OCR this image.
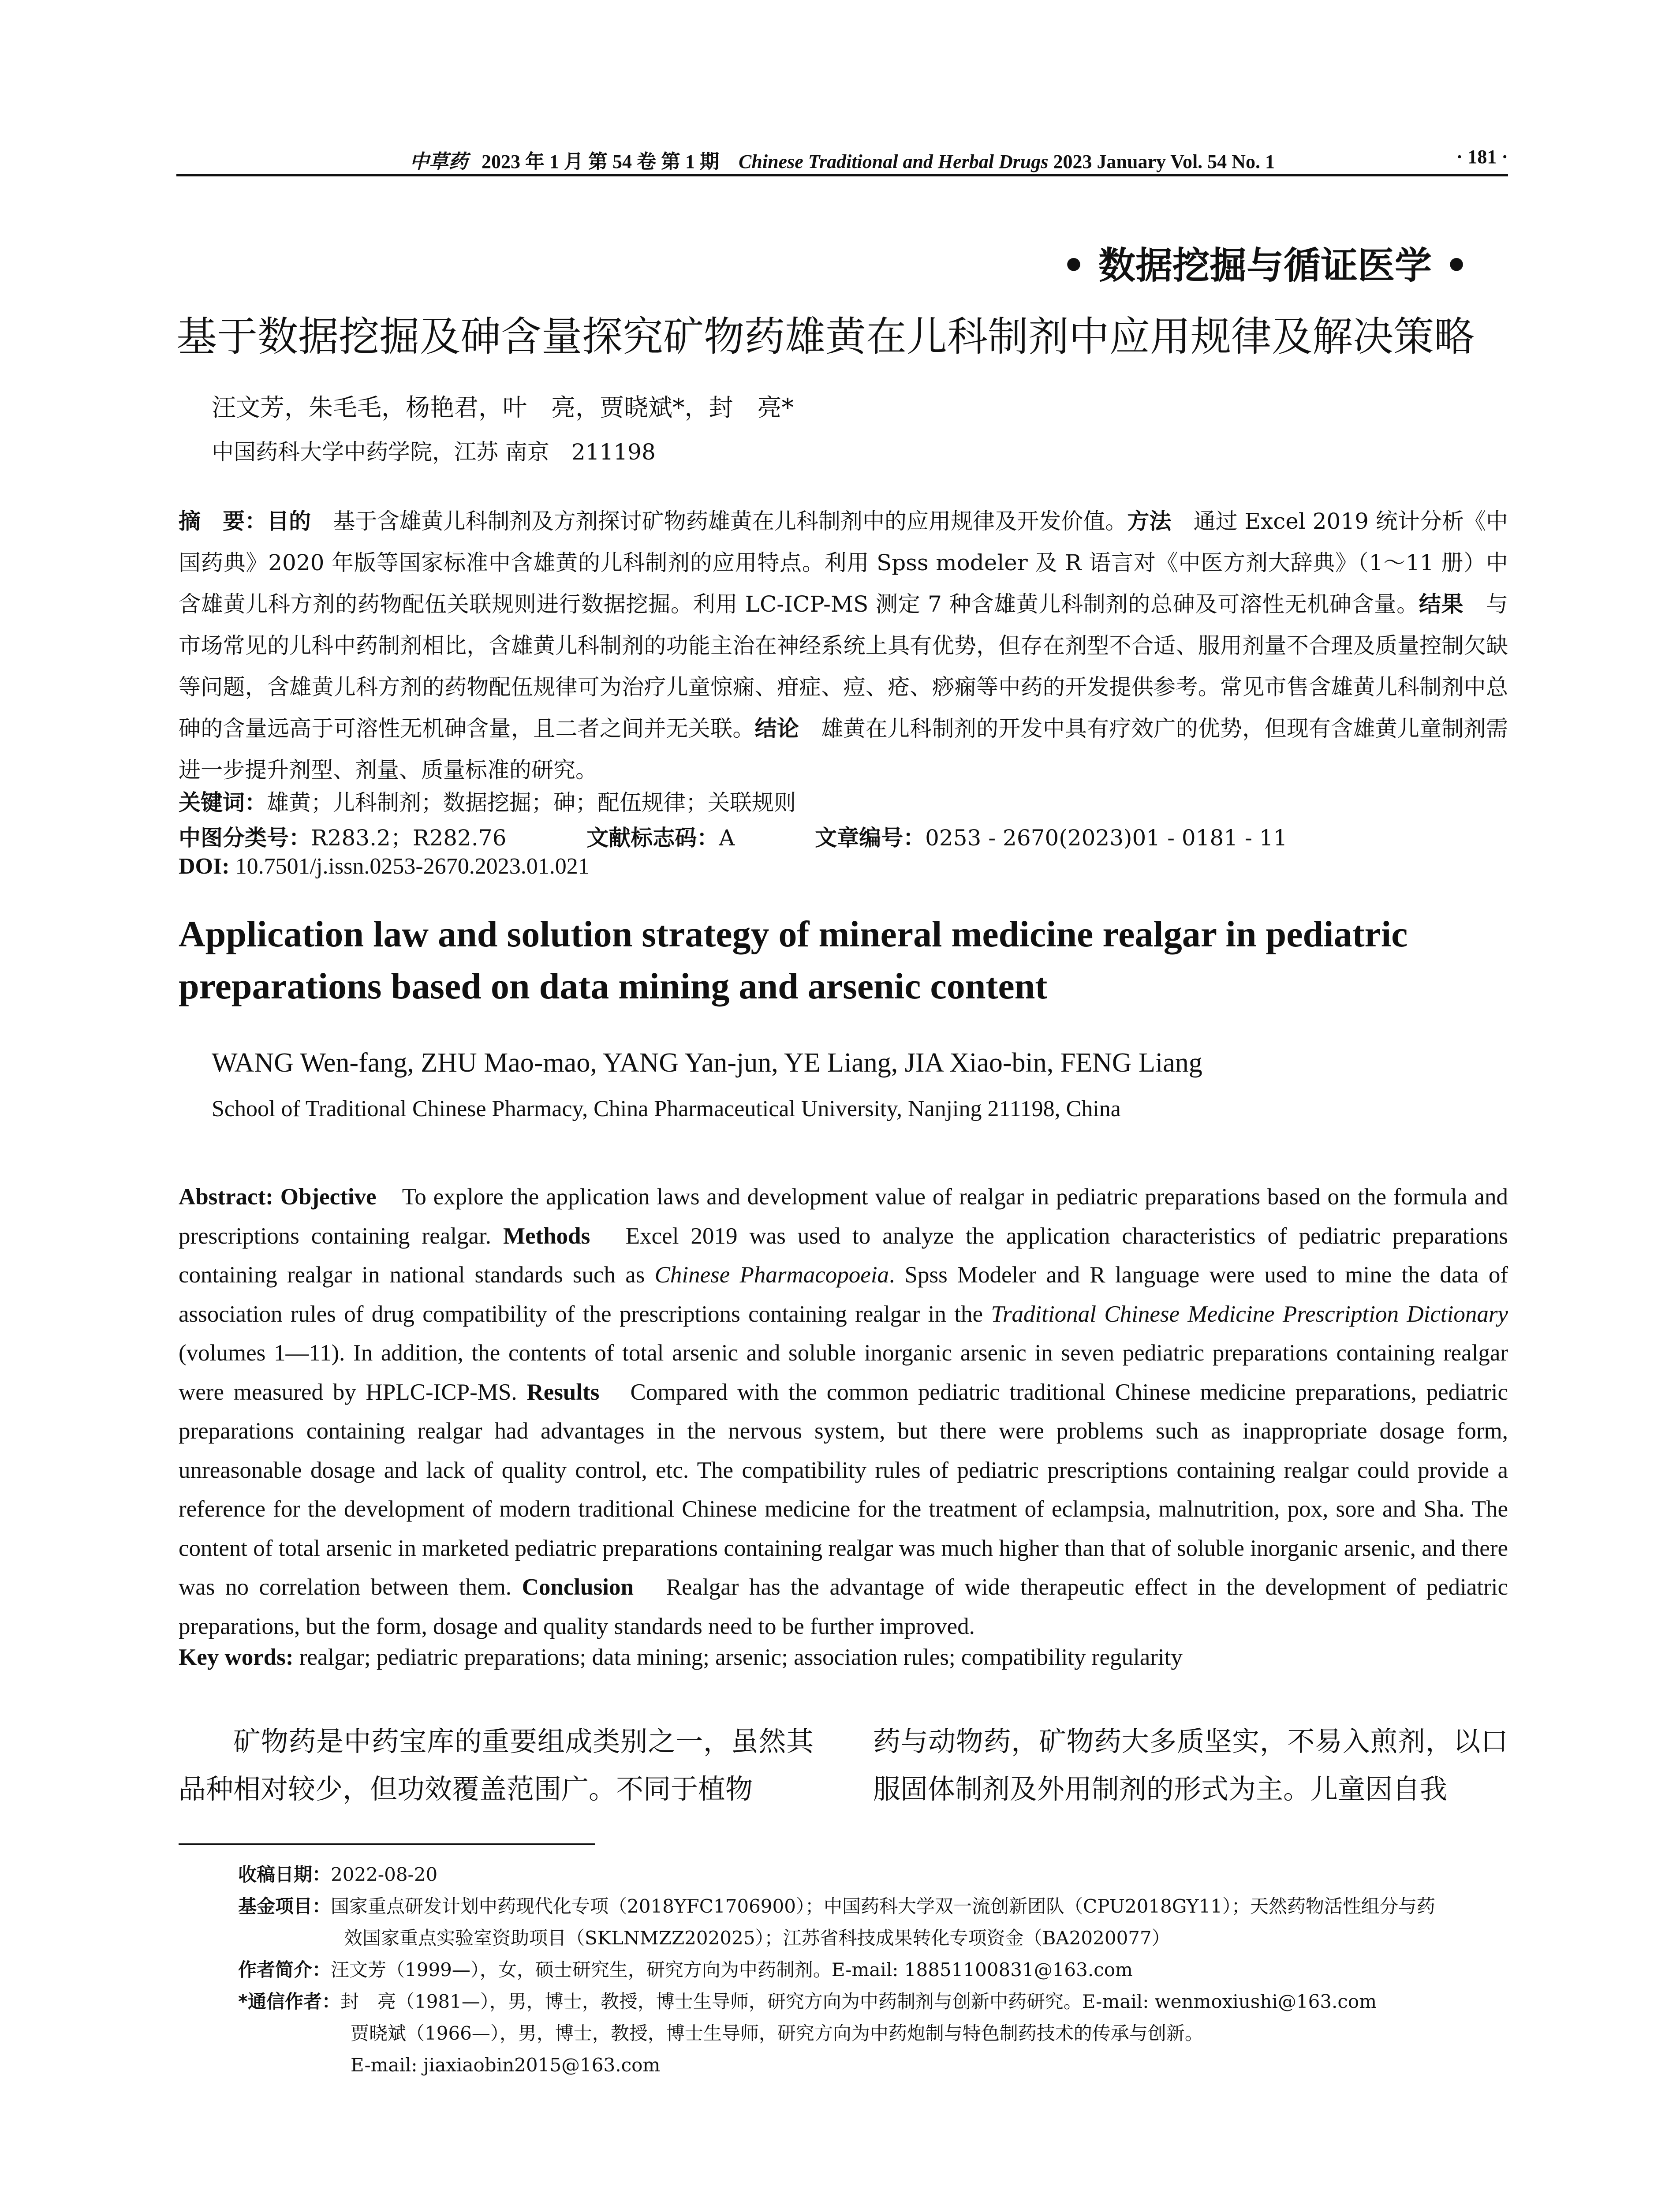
中草药 2023 年 1 月 第 54 卷 第 1 期 Chinese Traditional and Herbal Drugs 2023 January Vol. 54 No. 1	· 181 ·
• 数据挖掘与循证医学 •
基于数据挖掘及砷含量探究矿物药雄黄在儿科制剂中应用规律及解决策略
汪文芳，朱毛毛，杨艳君，叶　亮，贾晓斌*，封　亮*
中国药科大学中药学院，江苏 南京　211198
摘　要：目的　基于含雄黄儿科制剂及方剂探讨矿物药雄黄在儿科制剂中的应用规律及开发价值。方法　通过 Excel 2019 统计分析《中国药典》2020 年版等国家标准中含雄黄的儿科制剂的应用特点。利用 Spss modeler 及 R 语言对《中医方剂大辞典》（1～11 册）中含雄黄儿科方剂的药物配伍关联规则进行数据挖掘。利用 LC-ICP-MS 测定 7 种含雄黄儿科制剂的总砷及可溶性无机砷含量。结果　与市场常见的儿科中药制剂相比，含雄黄儿科制剂的功能主治在神经系统上具有优势，但存在剂型不合适、服用剂量不合理及质量控制欠缺等问题，含雄黄儿科方剂的药物配伍规律可为治疗儿童惊痫、疳症、痘、疮、痧痫等中药的开发提供参考。常见市售含雄黄儿科制剂中总砷的含量远高于可溶性无机砷含量，且二者之间并无关联。结论　雄黄在儿科制剂的开发中具有疗效广的优势，但现有含雄黄儿童制剂需进一步提升剂型、剂量、质量标准的研究。
关键词：雄黄；儿科制剂；数据挖掘；砷；配伍规律；关联规则
中图分类号：R283.2；R282.76	文献标志码：A	文章编号：0253 - 2670(2023)01 - 0181 - 11
DOI: 10.7501/j.issn.0253-2670.2023.01.021
Application law and solution strategy of mineral medicine realgar in pediatric preparations based on data mining and arsenic content
WANG Wen-fang, ZHU Mao-mao, YANG Yan-jun, YE Liang, JIA Xiao-bin, FENG Liang
School of Traditional Chinese Pharmacy, China Pharmaceutical University, Nanjing 211198, China
Abstract: Objective　To explore the application laws and development value of realgar in pediatric preparations based on the formula and prescriptions containing realgar. Methods　Excel 2019 was used to analyze the application characteristics of pediatric preparations containing realgar in national standards such as Chinese Pharmacopoeia. Spss Modeler and R language were used to mine the data of association rules of drug compatibility of the prescriptions containing realgar in the Traditional Chinese Medicine Prescription Dictionary (volumes 1—11). In addition, the contents of total arsenic and soluble inorganic arsenic in seven pediatric preparations containing realgar were measured by HPLC-ICP-MS. Results　Compared with the common pediatric traditional Chinese medicine preparations, pediatric preparations containing realgar had advantages in the nervous system, but there were problems such as inappropriate dosage form, unreasonable dosage and lack of quality control, etc. The compatibility rules of pediatric prescriptions containing realgar could provide a reference for the development of modern traditional Chinese medicine for the treatment of eclampsia, malnutrition, pox, sore and Sha. The content of total arsenic in marketed pediatric preparations containing realgar was much higher than that of soluble inorganic arsenic, and there was no correlation between them. Conclusion　Realgar has the advantage of wide therapeutic effect in the development of pediatric preparations, but the form, dosage and quality standards need to be further improved.
Key words: realgar; pediatric preparations; data mining; arsenic; association rules; compatibility regularity
矿物药是中药宝库的重要组成类别之一，虽然其品种相对较少，但功效覆盖范围广。不同于植物
药与动物药，矿物药大多质坚实，不易入煎剂，以口服固体制剂及外用制剂的形式为主。儿童因自我
收稿日期：2022-08-20
基金项目：国家重点研发计划中药现代化专项（2018YFC1706900）；中国药科大学双一流创新团队（CPU2018GY11）；天然药物活性组分与药
效国家重点实验室资助项目（SKLNMZZ202025）；江苏省科技成果转化专项资金（BA2020077）
作者简介：汪文芳（1999—），女，硕士研究生，研究方向为中药制剂。E-mail: 18851100831@163.com
*通信作者：封　亮（1981—），男，博士，教授，博士生导师，研究方向为中药制剂与创新中药研究。E-mail: wenmoxiushi@163.com
贾晓斌（1966—），男，博士，教授，博士生导师，研究方向为中药炮制与特色制药技术的传承与创新。
E-mail: jiaxiaobin2015@163.com
